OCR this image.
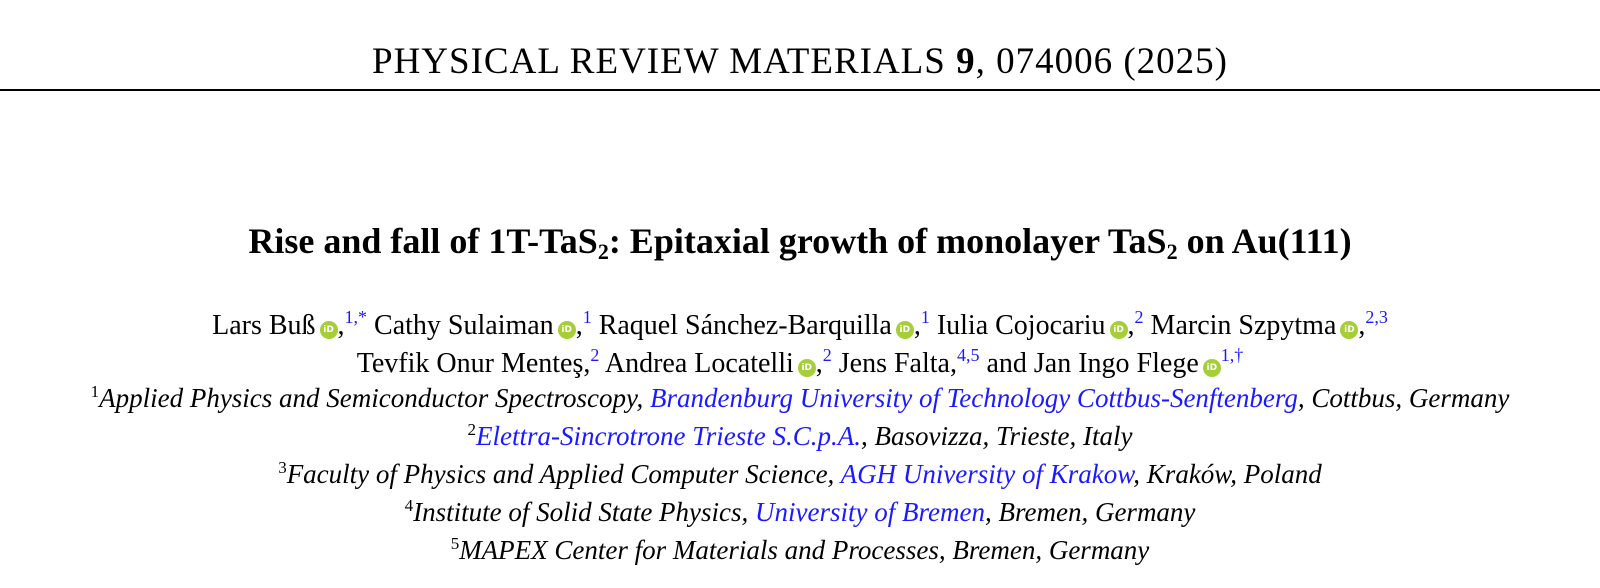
PHYSICAL REVIEW MATERIALS 9, 074006 (2025)
Rise and fall of 1T-TaS$_2$: Epitaxial growth of monolayer TaS$_2$ on Au(111)
Lars Buß iD ,$^{1,*}$ Cathy Sulaiman iD ,$^1$ Raquel Sánchez-Barquilla iD ,$^1$ Iulia Cojocariu iD ,$^2$ Marcin Szpytma iD ,$^{2,3}$
Tevfik Onur Menteş,$^2$ Andrea Locatelli iD ,$^2$ Jens Falta,$^{4,5}$ and Jan Ingo Flege iD$^{1,\dagger}$
$^1$Applied Physics and Semiconductor Spectroscopy, Brandenburg University of Technology Cottbus-Senftenberg, Cottbus, Germany
$^2$Elettra-Sincrotrone Trieste S.C.p.A., Basovizza, Trieste, Italy
$^3$Faculty of Physics and Applied Computer Science, AGH University of Krakow, Kraków, Poland
$^4$Institute of Solid State Physics, University of Bremen, Bremen, Germany
$^5$MAPEX Center for Materials and Processes, Bremen, Germany
